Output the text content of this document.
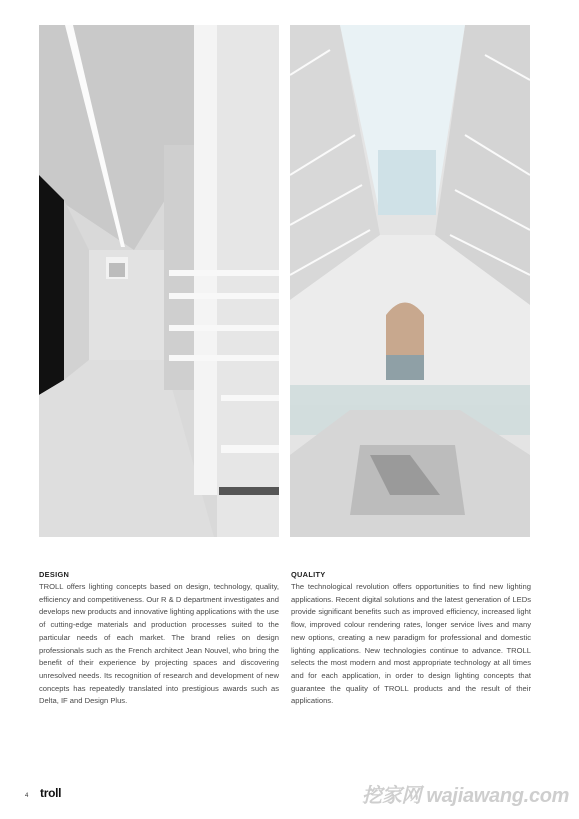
DESIGN

TROLL offers lighting concepts based on design, technology, quality, efficiency and competitiveness. Our R & D department investigates and develops new products and innovative lighting applications with the use of cutting-edge materials and production processes suited to the particular needs of each market. The brand relies on design professionals such as the French architect Jean Nouvel, who bring the benefit of their experience by projecting spaces and discovering unresolved needs. Its recognition of research and development of new concepts has repeatedly translated into prestigious awards such as Delta, IF and Design Plus.

QUALITY

The technological revolution offers opportunities to find new lighting applications. Recent digital solutions and the latest generation of LEDs provide significant benefits such as improved efficiency, increased light flow, improved colour rendering rates, longer service lives and many new options, creating a new paradigm for professional and domestic lighting applications. New technologies continue to advance. TROLL selects the most modern and most appropriate technology at all times and for each application, in order to design lighting concepts that guarantee the quality of TROLL products and the result of their applications.

4 troll	挖家网 wajiawang.com
